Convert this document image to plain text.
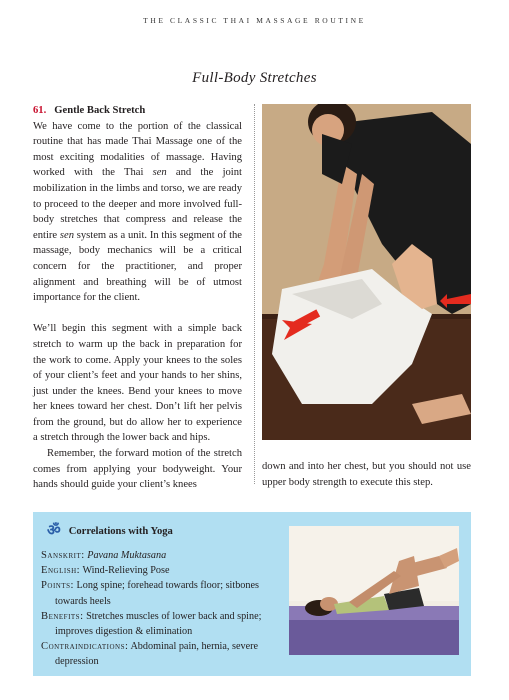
THE CLASSIC THAI MASSAGE ROUTINE
Full-Body Stretches

61. Gentle Back Stretch
We have come to the portion of the classical routine that has made Thai Massage one of the most exciting modalities of massage. Having worked with the Thai sen and the joint mobilization in the limbs and torso, we are ready to proceed to the deeper and more involved full-body stretches that compress and release the entire sen system as a unit. In this segment of the massage, body mechanics will be a critical concern for the practitioner, and proper alignment and breathing will be of utmost importance for the client.

We’ll begin this segment with a simple back stretch to warm up the back in preparation for the work to come. Apply your knees to the soles of your client’s feet and your hands to her shins, just under the knees. Bend your knees to move her knees toward her chest. Don’t lift her pelvis from the ground, but do allow her to experience a stretch through the lower back and hips.

Remember, the forward motion of the stretch comes from applying your bodyweight. Your hands should guide your client’s knees

down and into her chest, but you should not use upper body strength to execute this step.

ॐ Correlations with Yoga
Sanskrit: Pavana Muktasana
English: Wind-Relieving Pose
Points: Long spine; forehead towards floor; sitbones towards heels
Benefits: Stretches muscles of lower back and spine; improves digestion & elimination
Contraindications: Abdominal pain, hernia, severe depression
